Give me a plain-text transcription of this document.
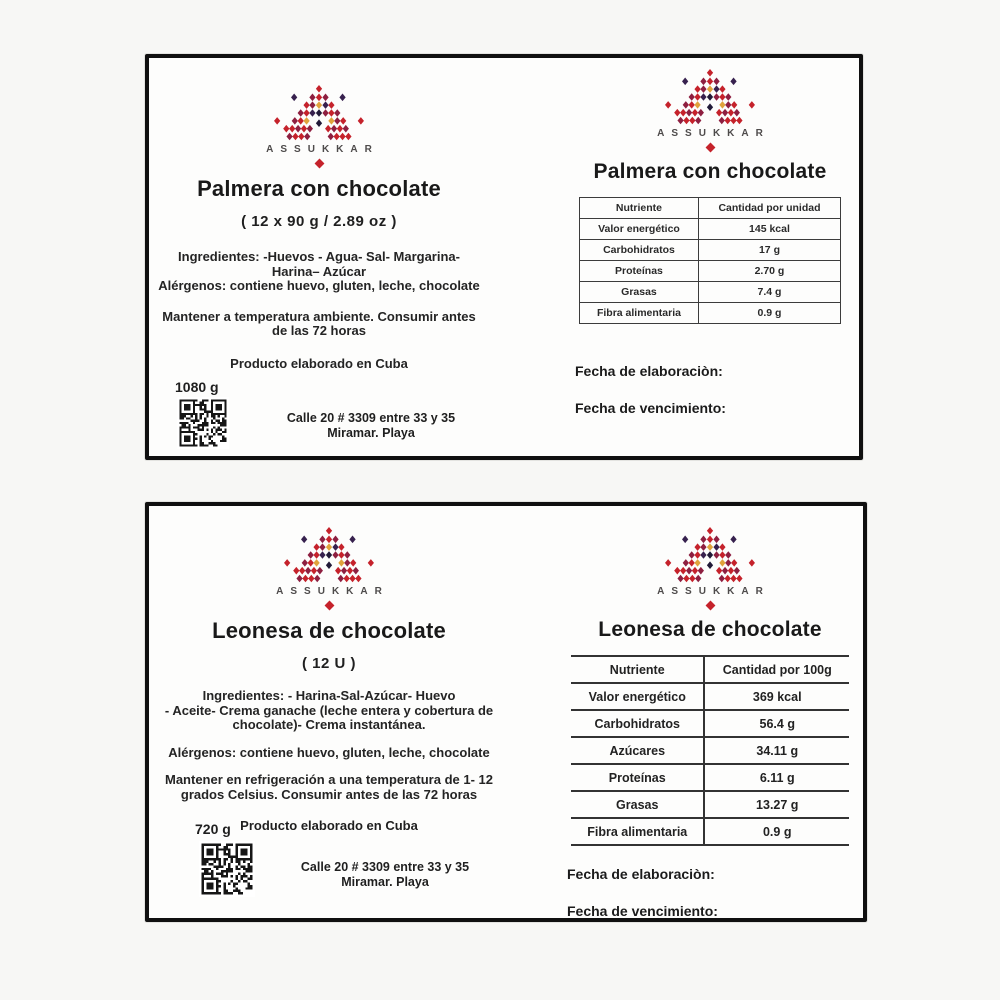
ASSUKKAR
Palmera con chocolate
( 12 x 90 g / 2.89 oz )
Ingredientes: -Huevos - Agua- Sal- Margarina-
Harina– Azúcar
Alérgenos: contiene huevo, gluten, leche, chocolate
Mantener a temperatura ambiente. Consumir antes
de las 72 horas
Producto elaborado en Cuba
1080 g
Calle 20 # 3309 entre 33 y 35
Miramar. Playa
ASSUKKAR
Palmera con chocolate
Nutriente	Cantidad por unidad
Valor energético	145 kcal
Carbohidratos	17 g
Proteínas	2.70 g
Grasas	7.4 g
Fibra alimentaria	0.9 g
Fecha de elaboraciòn:
Fecha de vencimiento:
ASSUKKAR
Leonesa de chocolate
( 12 U )
Ingredientes: - Harina-Sal-Azúcar- Huevo
- Aceite- Crema ganache (leche entera y cobertura de
chocolate)- Crema instantánea.
Alérgenos: contiene huevo, gluten, leche, chocolate
Mantener en refrigeración a una temperatura de 1- 12
grados Celsius. Consumir antes de las 72 horas
Producto elaborado en Cuba
720 g
Calle 20 # 3309 entre 33 y 35
Miramar. Playa
ASSUKKAR
Leonesa de chocolate
Nutriente	Cantidad por 100g
Valor energético	369 kcal
Carbohidratos	56.4 g
Azúcares	34.11 g
Proteínas	6.11 g
Grasas	13.27 g
Fibra alimentaria	0.9 g
Fecha de elaboraciòn:
Fecha de vencimiento:
